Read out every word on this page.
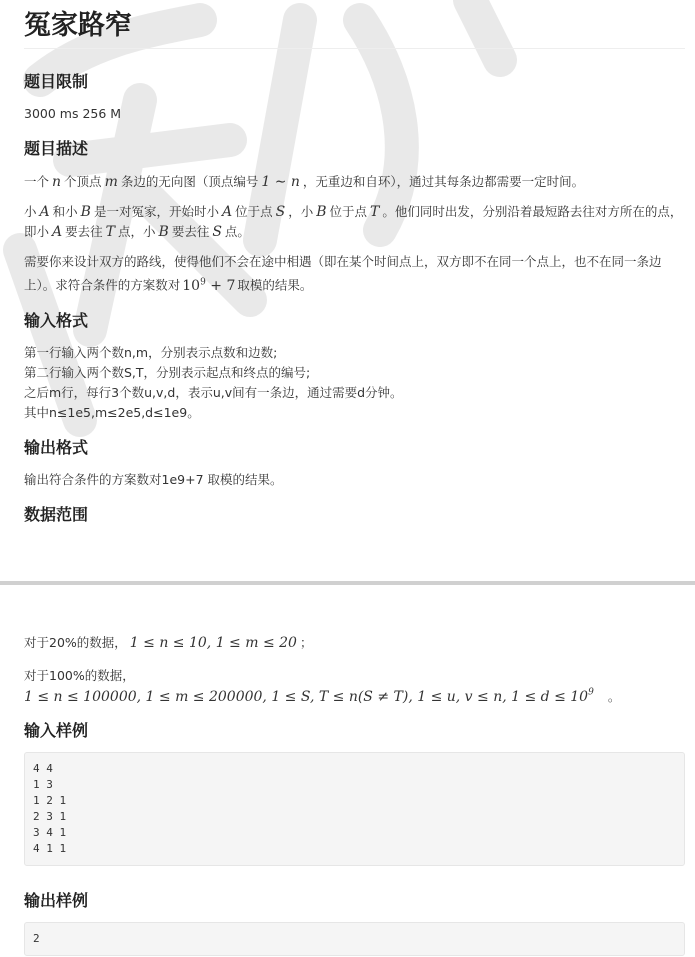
冤家路窄
题目限制
3000 ms 256 M
题目描述
一个 n 个顶点 m 条边的无向图（顶点编号 1 ∼ n ，无重边和自环），通过其每条边都需要一定时间。
小 A 和小 B 是一对冤家，开始时小 A 位于点 S ，小 B 位于点 T 。他们同时出发，分别沿着最短路去往对方所在的点，即小 A 要去往 T 点，小 B 要去往 S 点。
需要你来设计双方的路线，使得他们不会在途中相遇（即在某个时间点上，双方即不在同一个点上，也不在同一条边上）。求符合条件的方案数对 $10^9 + 7$ 取模的结果。
输入格式
第一行输入两个数n,m，分别表示点数和边数;
第二行输入两个数S,T，分别表示起点和终点的编号;
之后m行，每行3个数u,v,d，表示u,v间有一条边，通过需要d分钟。
其中n≤1e5,m≤2e5,d≤1e9。
输出格式
输出符合条件的方案数对1e9+7 取模的结果。
数据范围
对于20%的数据， 1 ≤ n ≤ 10, 1 ≤ m ≤ 20 ；
对于100%的数据，
1 ≤ n ≤ 100000, 1 ≤ m ≤ 200000, 1 ≤ S, T ≤ n(S ≠ T), 1 ≤ u, v ≤ n, $1 \le d \le 10^9$ 。
输入样例
4 4
1 3
1 2 1
2 3 1
3 4 1
4 1 1
输出样例
2
